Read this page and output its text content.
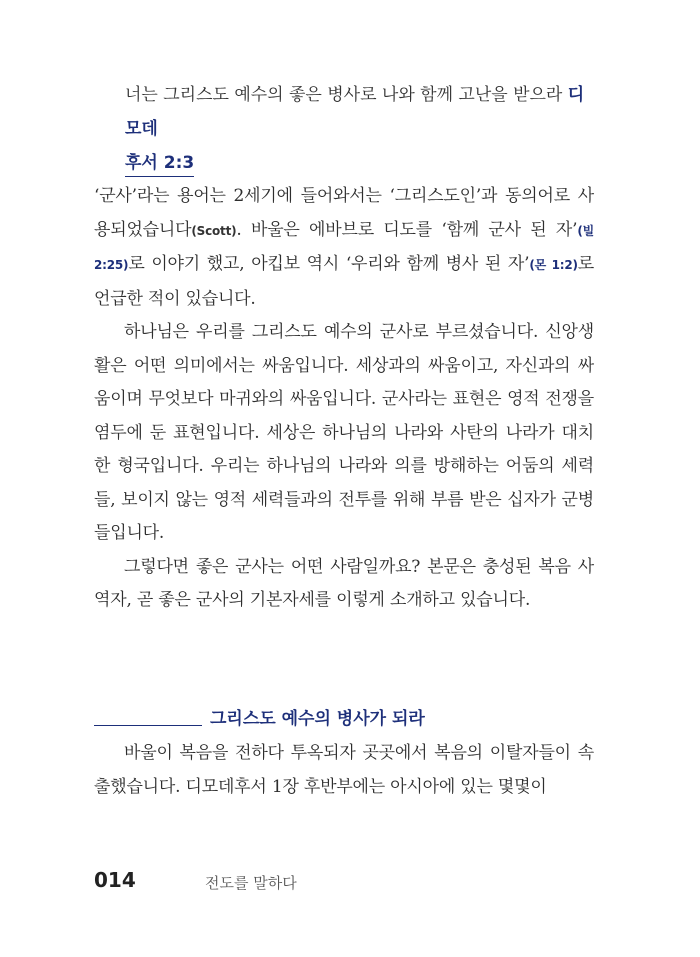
너는 그리스도 예수의 좋은 병사로 나와 함께 고난을 받으라 디모데
후서 2:3

‘군사’라는 용어는 2세기에 들어와서는 ‘그리스도인’과 동의어로 사용되었습니다(Scott). 바울은 에바브로 디도를 ‘함께 군사 된 자’(빌 2:25)로 이야기 했고, 아킵보 역시 ‘우리와 함께 병사 된 자’(몬 1:2)로 언급한 적이 있습니다.

하나님은 우리를 그리스도 예수의 군사로 부르셨습니다. 신앙생활은 어떤 의미에서는 싸움입니다. 세상과의 싸움이고, 자신과의 싸움이며 무엇보다 마귀와의 싸움입니다. 군사라는 표현은 영적 전쟁을 염두에 둔 표현입니다. 세상은 하나님의 나라와 사탄의 나라가 대치한 형국입니다. 우리는 하나님의 나라와 의를 방해하는 어둠의 세력들, 보이지 않는 영적 세력들과의 전투를 위해 부름 받은 십자가 군병들입니다.

그렇다면 좋은 군사는 어떤 사람일까요? 본문은 충성된 복음 사역자, 곧 좋은 군사의 기본자세를 이렇게 소개하고 있습니다.

그리스도 예수의 병사가 되라

바울이 복음을 전하다 투옥되자 곳곳에서 복음의 이탈자들이 속출했습니다. 디모데후서 1장 후반부에는 아시아에 있는 몇몇이

014	전도를 말하다
